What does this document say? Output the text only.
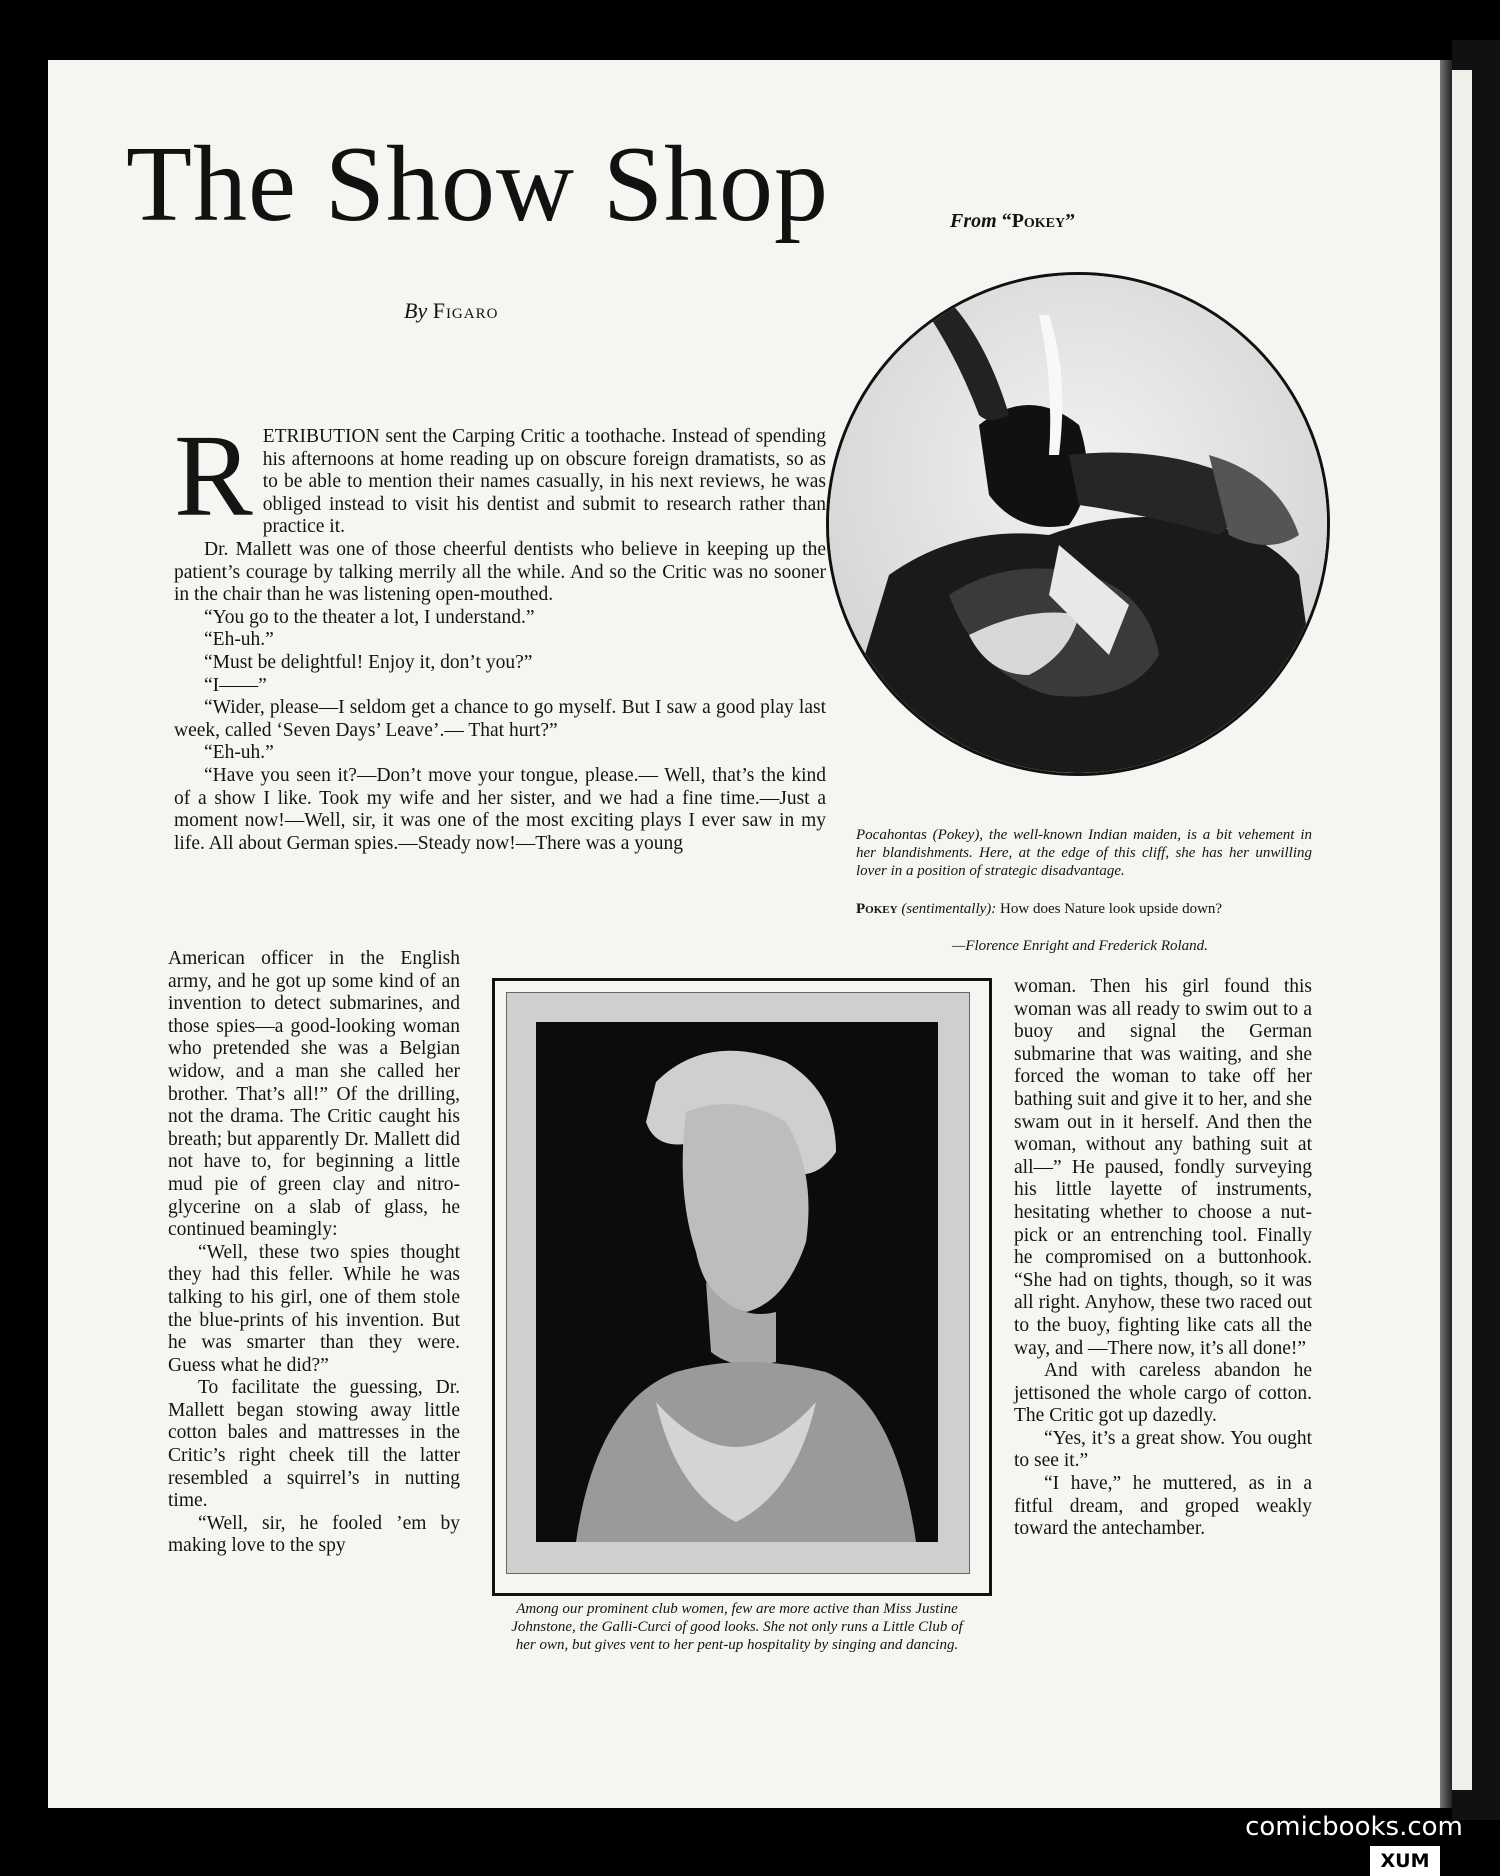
The Show Shop	From “Pokey”
By Figaro

RETRIBUTION sent the Carping Critic a toothache. Instead of spending his afternoons at home reading up on obscure foreign dramatists, so as to be able to mention their names casually, in his next reviews, he was obliged instead to visit his dentist and submit to research rather than practice it.

Dr. Mallett was one of those cheerful dentists who believe in keeping up the patient’s courage by talking merrily all the while. And so the Critic was no sooner in the chair than he was listening open-mouthed.

“You go to the theater a lot, I understand.”

“Eh-uh.”

“Must be delightful! Enjoy it, don’t you?”

“I——”

“Wider, please—I seldom get a chance to go myself. But I saw a good play last week, called ‘Seven Days’ Leave’.— That hurt?”

“Eh-uh.”

“Have you seen it?—Don’t move your tongue, please.— Well, that’s the kind of a show I like. Took my wife and her sister, and we had a fine time.—Just a moment now!—Well, sir, it was one of the most exciting plays I ever saw in my life. All about German spies.—Steady now!—There was a young

American officer in the English army, and he got up some kind of an invention to detect submarines, and those spies—a good-looking woman who pretended she was a Belgian widow, and a man she called her brother. That’s all!” Of the drilling, not the drama. The Critic caught his breath; but apparently Dr. Mallett did not have to, for beginning a little mud pie of green clay and nitro-glycerine on a slab of glass, he continued beamingly:

“Well, these two spies thought they had this feller. While he was talking to his girl, one of them stole the blue-prints of his invention. But he was smarter than they were. Guess what he did?”

To facilitate the guessing, Dr. Mallett began stowing away little cotton bales and mattresses in the Critic’s right cheek till the latter resembled a squirrel’s in nutting time.

“Well, sir, he fooled ’em by making love to the spy

woman. Then his girl found this woman was all ready to swim out to a buoy and signal the German submarine that was waiting, and she forced the woman to take off her bathing suit and give it to her, and she swam out in it herself. And then the woman, without any bathing suit at all—” He paused, fondly surveying his little layette of instruments, hesitating whether to choose a nut-pick or an entrenching tool. Finally he compromised on a buttonhook. “She had on tights, though, so it was all right. Anyhow, these two raced out to the buoy, fighting like cats all the way, and —There now, it’s all done!”

And with careless abandon he jettisoned the whole cargo of cotton. The Critic got up dazedly.

“Yes, it’s a great show. You ought to see it.”

“I have,” he muttered, as in a fitful dream, and groped weakly toward the antechamber.

Pocahontas (Pokey), the well-known Indian maiden, is a bit vehement in her blandishments. Here, at the edge of this cliff, she has her unwilling lover in a position of strategic disadvantage.

Pokey (sentimentally): How does Nature look upside down?
—Florence Enright and Frederick Roland.
Among our prominent club women, few are more active than Miss Justine Johnstone, the Galli-Curci of good looks. She not only runs a Little Club of her own, but gives vent to her pent-up hospitality by singing and dancing.
comicbooks.com
XUM
